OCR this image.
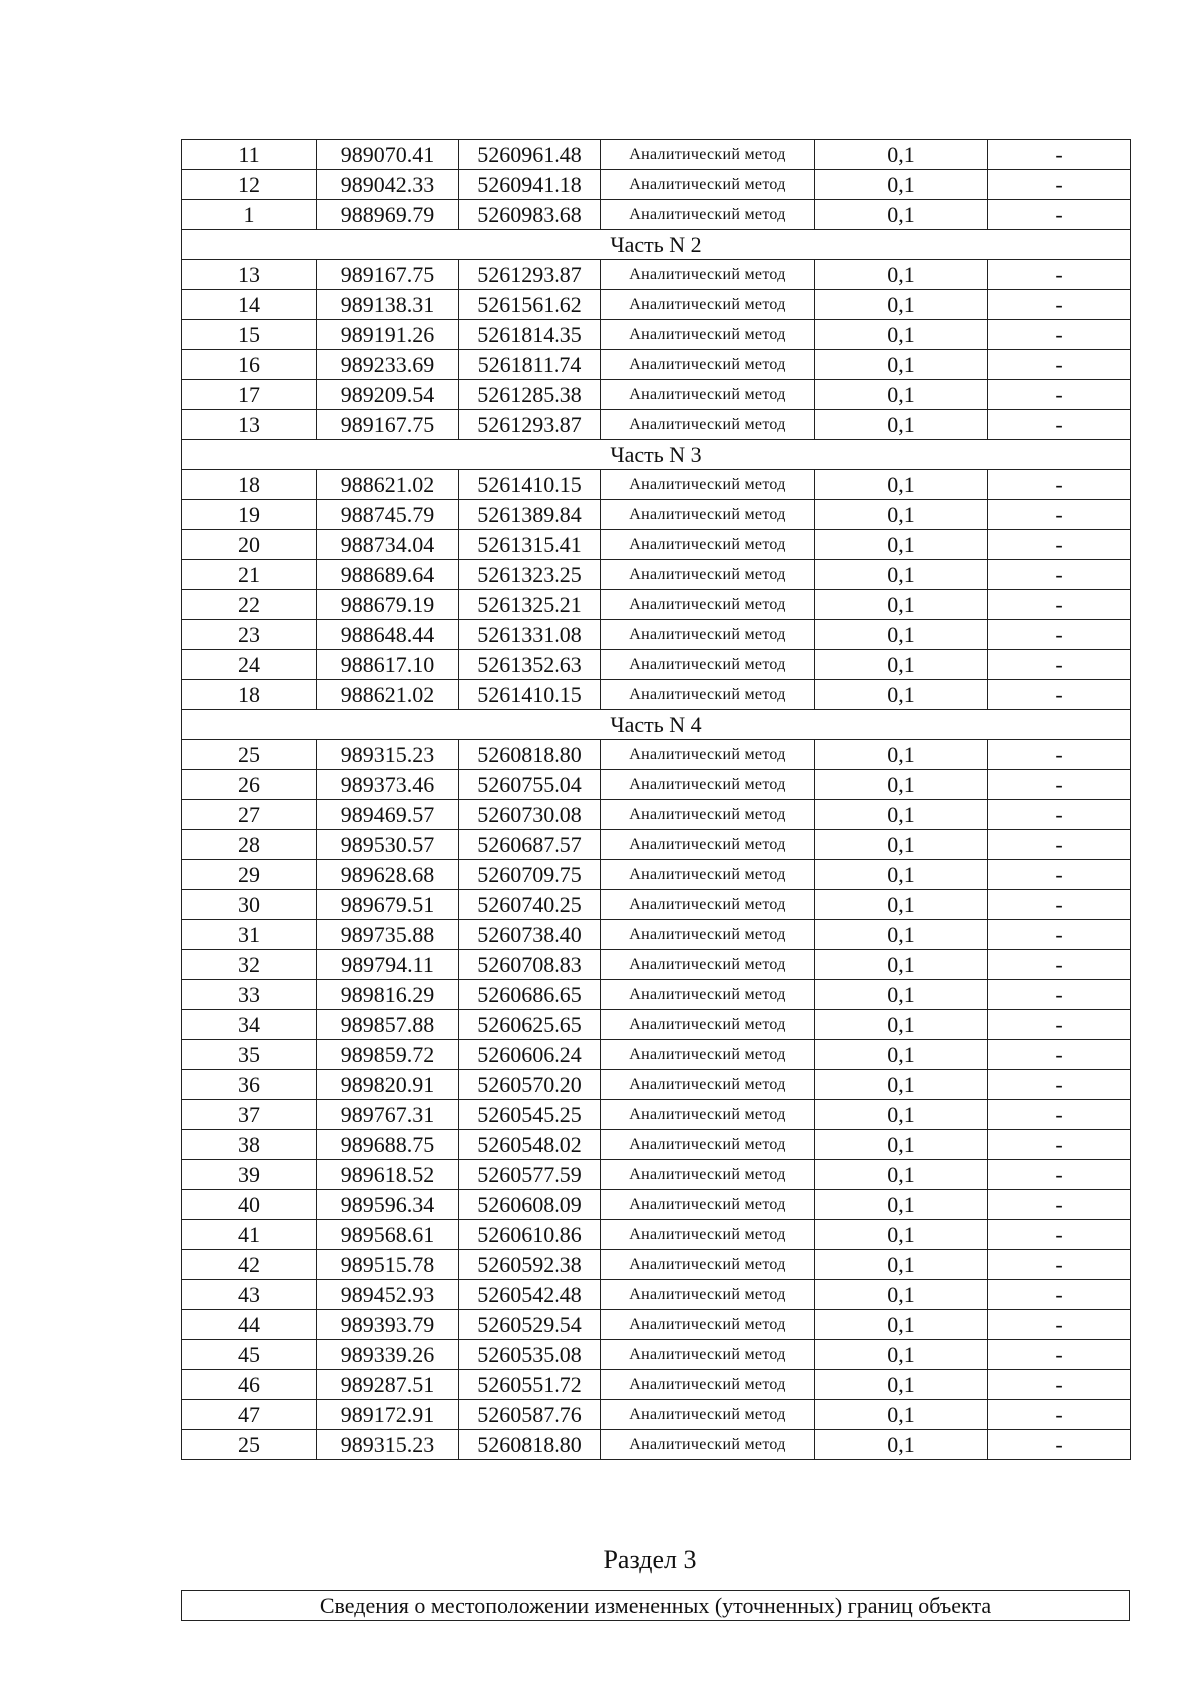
11	989070.41	5260961.48	Аналитический метод	0,1	-
12	989042.33	5260941.18	Аналитический метод	0,1	-
1	988969.79	5260983.68	Аналитический метод	0,1	-
Часть N 2					
13	989167.75	5261293.87	Аналитический метод	0,1	-
14	989138.31	5261561.62	Аналитический метод	0,1	-
15	989191.26	5261814.35	Аналитический метод	0,1	-
16	989233.69	5261811.74	Аналитический метод	0,1	-
17	989209.54	5261285.38	Аналитический метод	0,1	-
13	989167.75	5261293.87	Аналитический метод	0,1	-
Часть N 3					
18	988621.02	5261410.15	Аналитический метод	0,1	-
19	988745.79	5261389.84	Аналитический метод	0,1	-
20	988734.04	5261315.41	Аналитический метод	0,1	-
21	988689.64	5261323.25	Аналитический метод	0,1	-
22	988679.19	5261325.21	Аналитический метод	0,1	-
23	988648.44	5261331.08	Аналитический метод	0,1	-
24	988617.10	5261352.63	Аналитический метод	0,1	-
18	988621.02	5261410.15	Аналитический метод	0,1	-
Часть N 4					
25	989315.23	5260818.80	Аналитический метод	0,1	-
26	989373.46	5260755.04	Аналитический метод	0,1	-
27	989469.57	5260730.08	Аналитический метод	0,1	-
28	989530.57	5260687.57	Аналитический метод	0,1	-
29	989628.68	5260709.75	Аналитический метод	0,1	-
30	989679.51	5260740.25	Аналитический метод	0,1	-
31	989735.88	5260738.40	Аналитический метод	0,1	-
32	989794.11	5260708.83	Аналитический метод	0,1	-
33	989816.29	5260686.65	Аналитический метод	0,1	-
34	989857.88	5260625.65	Аналитический метод	0,1	-
35	989859.72	5260606.24	Аналитический метод	0,1	-
36	989820.91	5260570.20	Аналитический метод	0,1	-
37	989767.31	5260545.25	Аналитический метод	0,1	-
38	989688.75	5260548.02	Аналитический метод	0,1	-
39	989618.52	5260577.59	Аналитический метод	0,1	-
40	989596.34	5260608.09	Аналитический метод	0,1	-
41	989568.61	5260610.86	Аналитический метод	0,1	-
42	989515.78	5260592.38	Аналитический метод	0,1	-
43	989452.93	5260542.48	Аналитический метод	0,1	-
44	989393.79	5260529.54	Аналитический метод	0,1	-
45	989339.26	5260535.08	Аналитический метод	0,1	-
46	989287.51	5260551.72	Аналитический метод	0,1	-
47	989172.91	5260587.76	Аналитический метод	0,1	-
25	989315.23	5260818.80	Аналитический метод	0,1	-
Раздел 3
Сведения о местоположении измененных (уточненных) границ объекта
